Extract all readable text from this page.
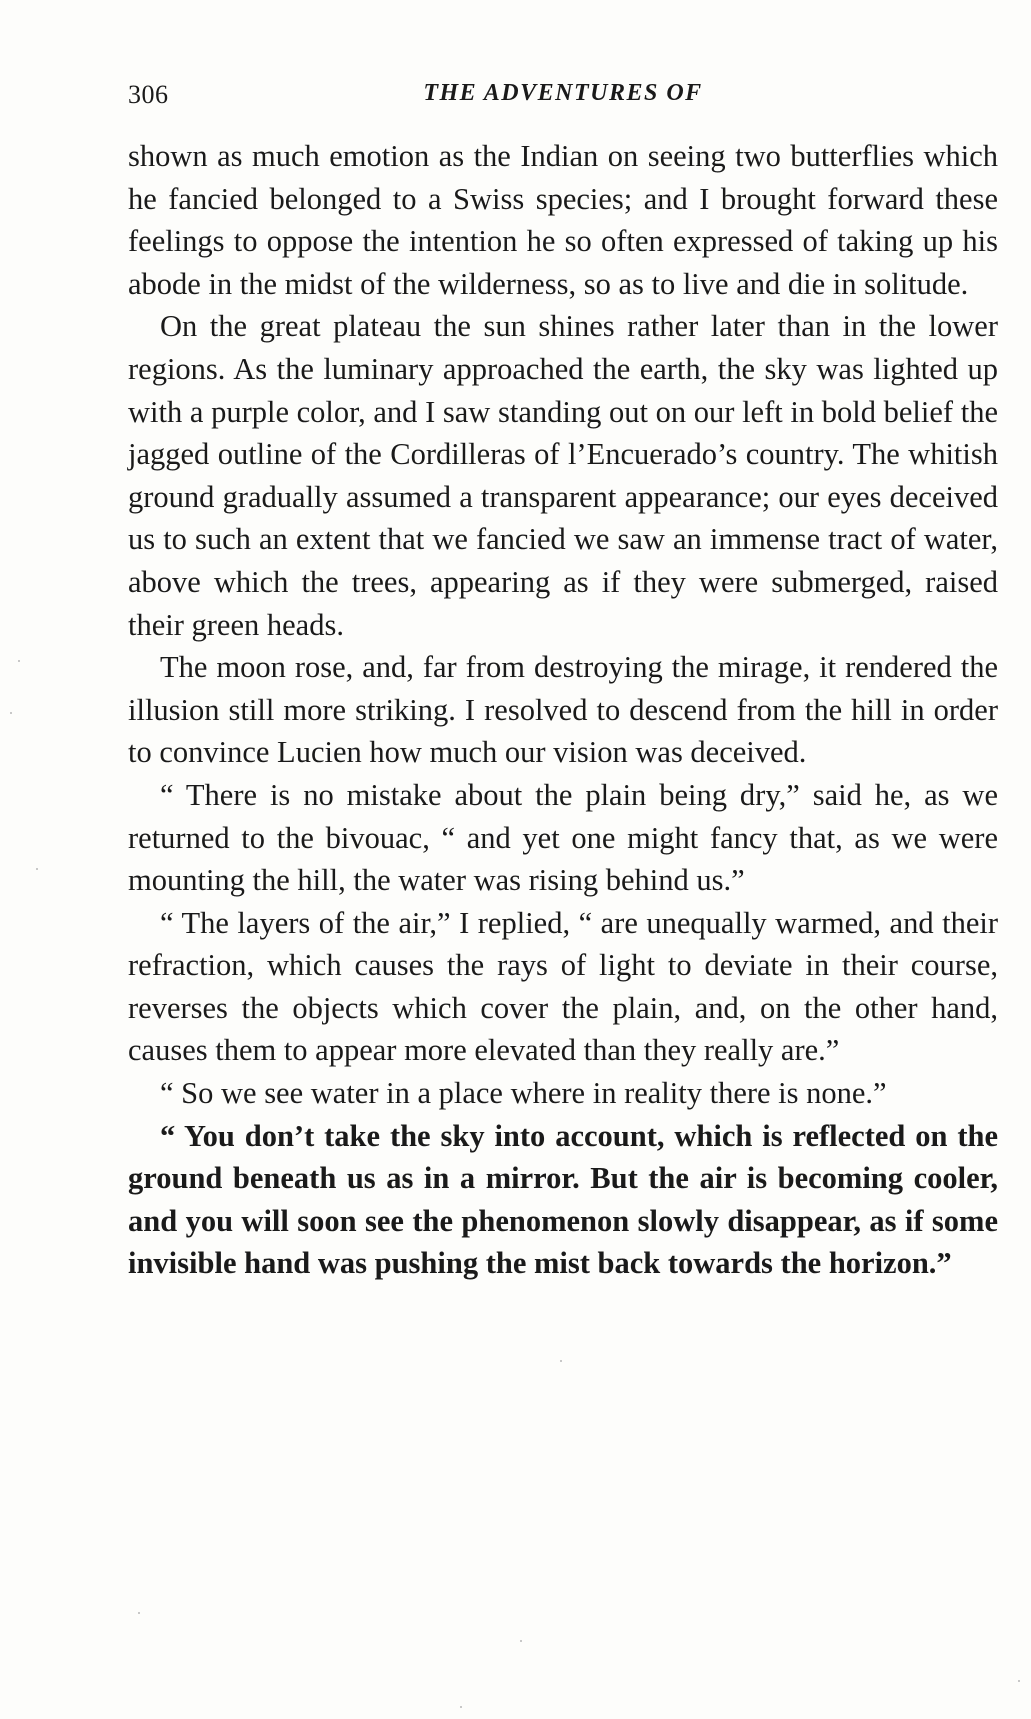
306	THE ADVENTURES OF

shown as much emotion as the Indian on seeing two butterflies which he fancied belonged to a Swiss species; and I brought forward these feelings to oppose the intention he so often expressed of taking up his abode in the midst of the wilderness, so as to live and die in solitude.

On the great plateau the sun shines rather later than in the lower regions. As the luminary approached the earth, the sky was lighted up with a purple color, and I saw standing out on our left in bold belief the jagged outline of the Cordilleras of l’Encuerado’s country. The whitish ground gradually assumed a transparent appearance; our eyes deceived us to such an extent that we fancied we saw an immense tract of water, above which the trees, appearing as if they were submerged, raised their green heads.

The moon rose, and, far from destroying the mirage, it rendered the illusion still more striking. I resolved to descend from the hill in order to convince Lucien how much our vision was deceived.

“ There is no mistake about the plain being dry,” said he, as we returned to the bivouac, “ and yet one might fancy that, as we were mounting the hill, the water was rising behind us.”

“ The layers of the air,” I replied, “ are unequally warmed, and their refraction, which causes the rays of light to deviate in their course, reverses the objects which cover the plain, and, on the other hand, causes them to appear more elevated than they really are.”

“ So we see water in a place where in reality there is none.”

“ You don’t take the sky into account, which is reflected on the ground beneath us as in a mirror. But the air is becoming cooler, and you will soon see the phenomenon slowly disappear, as if some invisible hand was pushing the mist back towards the horizon.”
